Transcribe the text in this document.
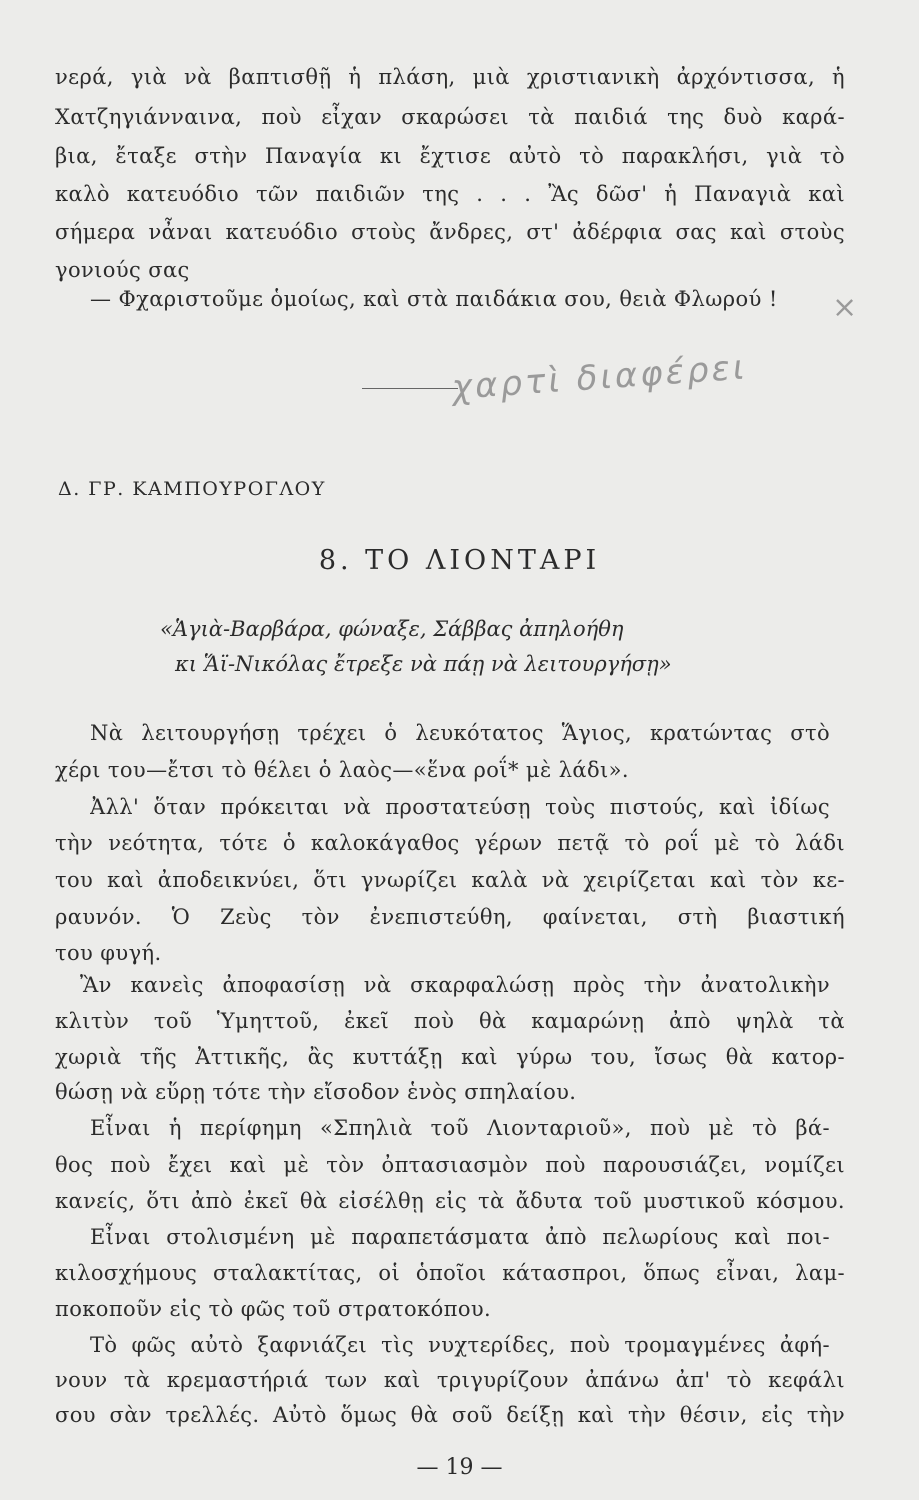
νερά, γιὰ νὰ βαπτισθῇ ἡ πλάση, μιὰ χριστιανικὴ ἀρχόντισσα, ἡ
Χατζηγιάνναινα, ποὺ εἶχαν σκαρώσει τὰ παιδιά της δυὸ καρά-
βια, ἔταξε στὴν Παναγία κι ἔχτισε αὐτὸ τὸ παρακλήσι, γιὰ τὸ
καλὸ κατευόδιο τῶν παιδιῶν της . . . Ἂς δῶσ' ἡ Παναγιὰ καὶ
σήμερα νἆναι κατευόδιο στοὺς ἄνδρες, στ' ἀδέρφια σας καὶ στοὺς
γονιούς σας
— Φχαριστοῦμε ὁμοίως, καὶ στὰ παιδάκια σου, θειὰ Φλωρού !	×
χαρτὶ διαφέρει
Δ. ΓΡ. ΚΑΜΠΟΥΡΟΓΛΟΥ
8. ΤΟ ΛΙΟΝΤΑΡΙ
«Ἁγιὰ-Βαρβάρα, φώναξε, Σάββας ἀπηλοήθη
κι Ἅϊ-Νικόλας ἔτρεξε νὰ πάῃ νὰ λειτουργήσῃ»
Νὰ λειτουργήσῃ τρέχει ὁ λευκότατος Ἅγιος, κρατώντας στὸ
χέρι του—ἔτσι τὸ θέλει ὁ λαὸς—«ἕνα ροΐ* μὲ λάδι».
Ἀλλ' ὅταν πρόκειται νὰ προστατεύσῃ τοὺς πιστούς, καὶ ἰδίως
τὴν νεότητα, τότε ὁ καλοκάγαθος γέρων πετᾷ τὸ ροΐ μὲ τὸ λάδι
του καὶ ἀποδεικνύει, ὅτι γνωρίζει καλὰ νὰ χειρίζεται καὶ τὸν κε-
ραυνόν. Ὁ Ζεὺς τὸν ἐνεπιστεύθη, φαίνεται, στὴ βιαστική
του φυγή.
Ἂν κανεὶς ἀποφασίσῃ νὰ σκαρφαλώσῃ πρὸς τὴν ἀνατολικὴν
κλιτὺν τοῦ Ὑμηττοῦ, ἐκεῖ ποὺ θὰ καμαρώνῃ ἀπὸ ψηλὰ τὰ
χωριὰ τῆς Ἀττικῆς, ἂς κυττάξῃ καὶ γύρω του, ἴσως θὰ κατορ-
θώσῃ νὰ εὕρῃ τότε τὴν εἴσοδον ἑνὸς σπηλαίου.
Εἶναι ἡ περίφημη «Σπηλιὰ τοῦ Λιονταριοῦ», ποὺ μὲ τὸ βά-
θος ποὺ ἔχει καὶ μὲ τὸν ὀπτασιασμὸν ποὺ παρουσιάζει, νομίζει
κανείς, ὅτι ἀπὸ ἐκεῖ θὰ εἰσέλθῃ εἰς τὰ ἄδυτα τοῦ μυστικοῦ κόσμου.
Εἶναι στολισμένη μὲ παραπετάσματα ἀπὸ πελωρίους καὶ ποι-
κιλοσχήμους σταλακτίτας, οἱ ὁποῖοι κάτασπροι, ὅπως εἶναι, λαμ-
ποκοποῦν εἰς τὸ φῶς τοῦ στρατοκόπου.
Τὸ φῶς αὐτὸ ξαφνιάζει τὶς νυχτερίδες, ποὺ τρομαγμένες ἀφή-
νουν τὰ κρεμαστήριά των καὶ τριγυρίζουν ἀπάνω ἀπ' τὸ κεφάλι
σου σὰν τρελλές. Αὐτὸ ὅμως θὰ σοῦ δείξῃ καὶ τὴν θέσιν, εἰς τὴν
— 19 —
